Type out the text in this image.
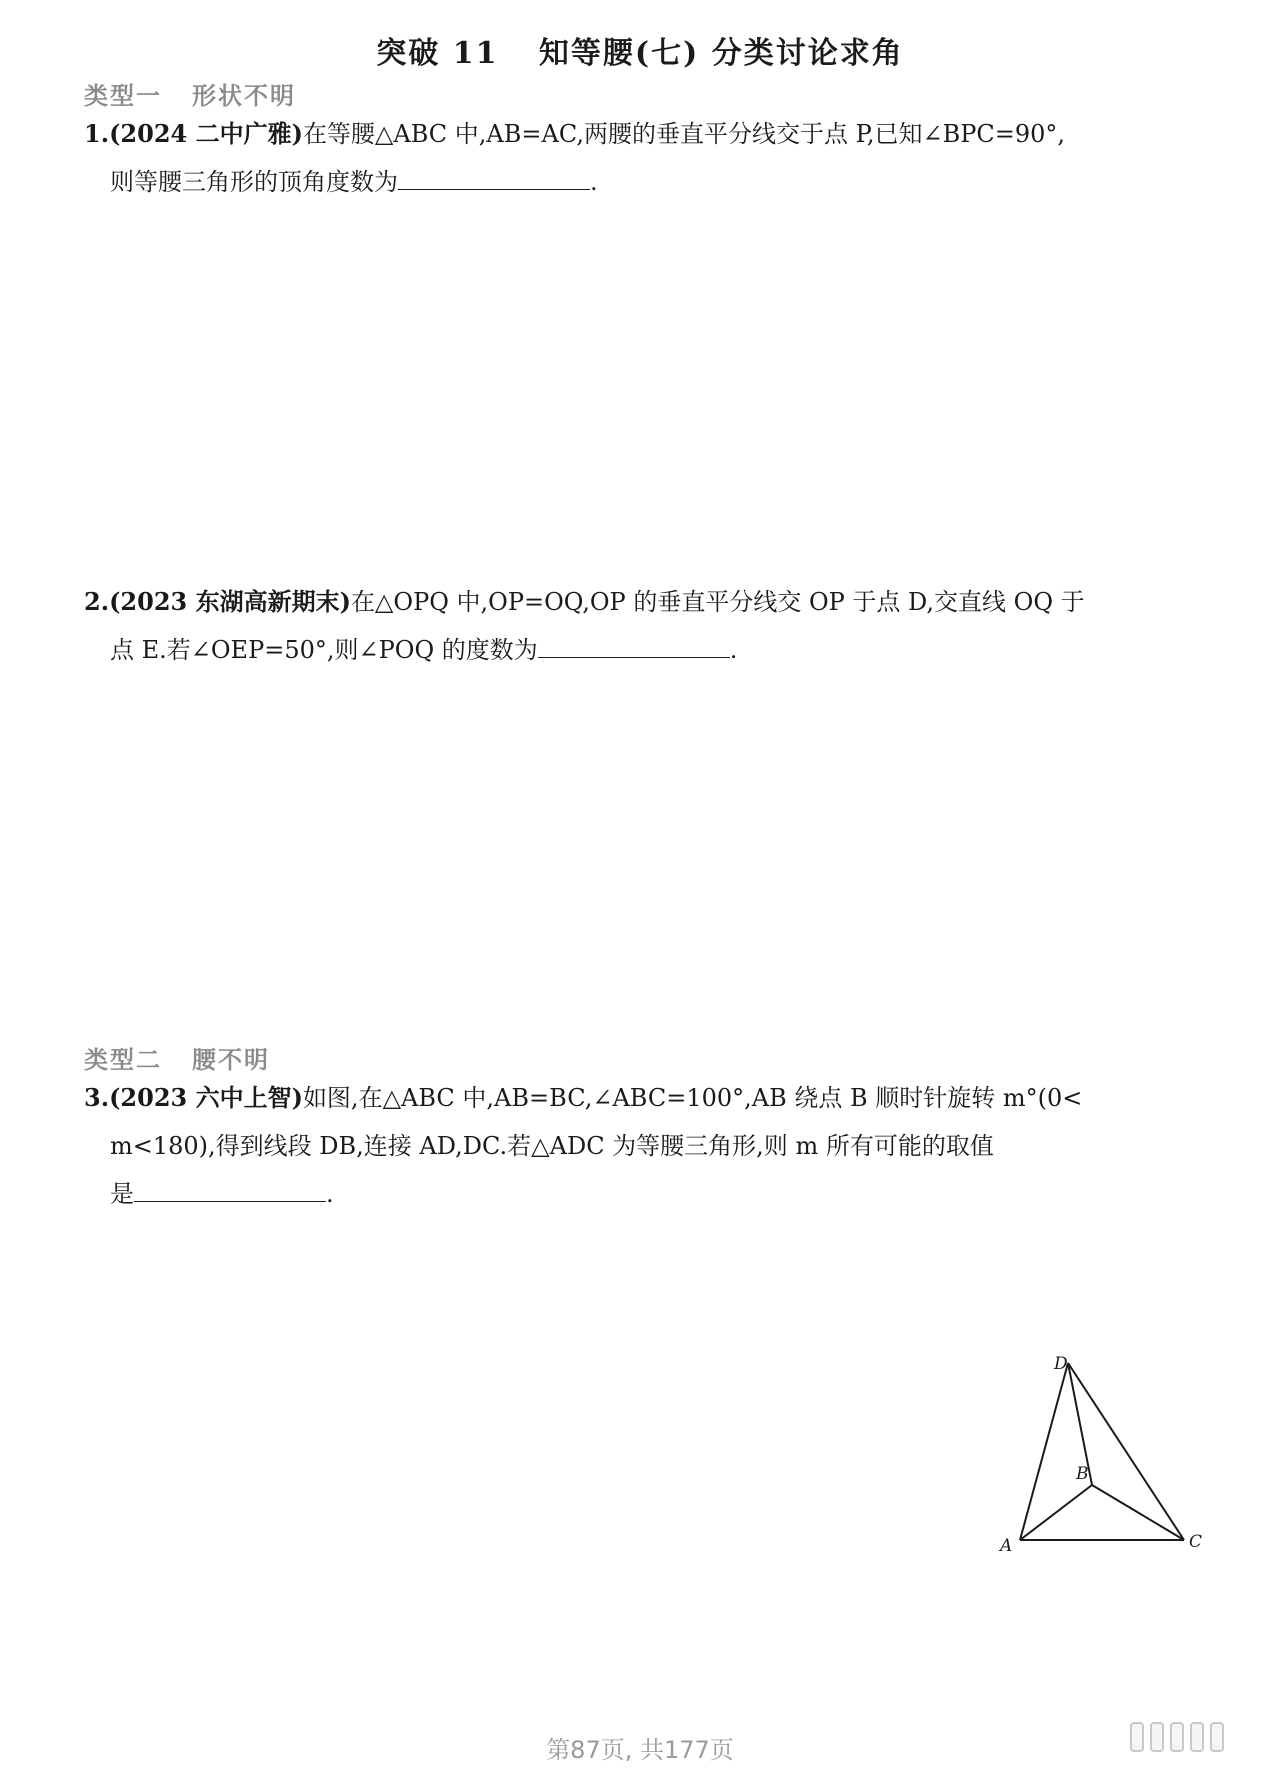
突破 11 知等腰(七) 分类讨论求角
类型一 形状不明
1.(2024 二中广雅)在等腰△ABC 中,AB=AC,两腰的垂直平分线交于点 P,已知∠BPC=90°,
则等腰三角形的顶角度数为	.
2.(2023 东湖高新期末)在△OPQ 中,OP=OQ,OP 的垂直平分线交 OP 于点 D,交直线 OQ 于
点 E.若∠OEP=50°,则∠POQ 的度数为	.
类型二 腰不明
3.(2023 六中上智)如图,在△ABC 中,AB=BC,∠ABC=100°,AB 绕点 B 顺时针旋转 m°(0<
m<180),得到线段 DB,连接 AD,DC.若△ADC 为等腰三角形,则 m 所有可能的取值
是	.
D
B
A	C
第87页, 共177页
